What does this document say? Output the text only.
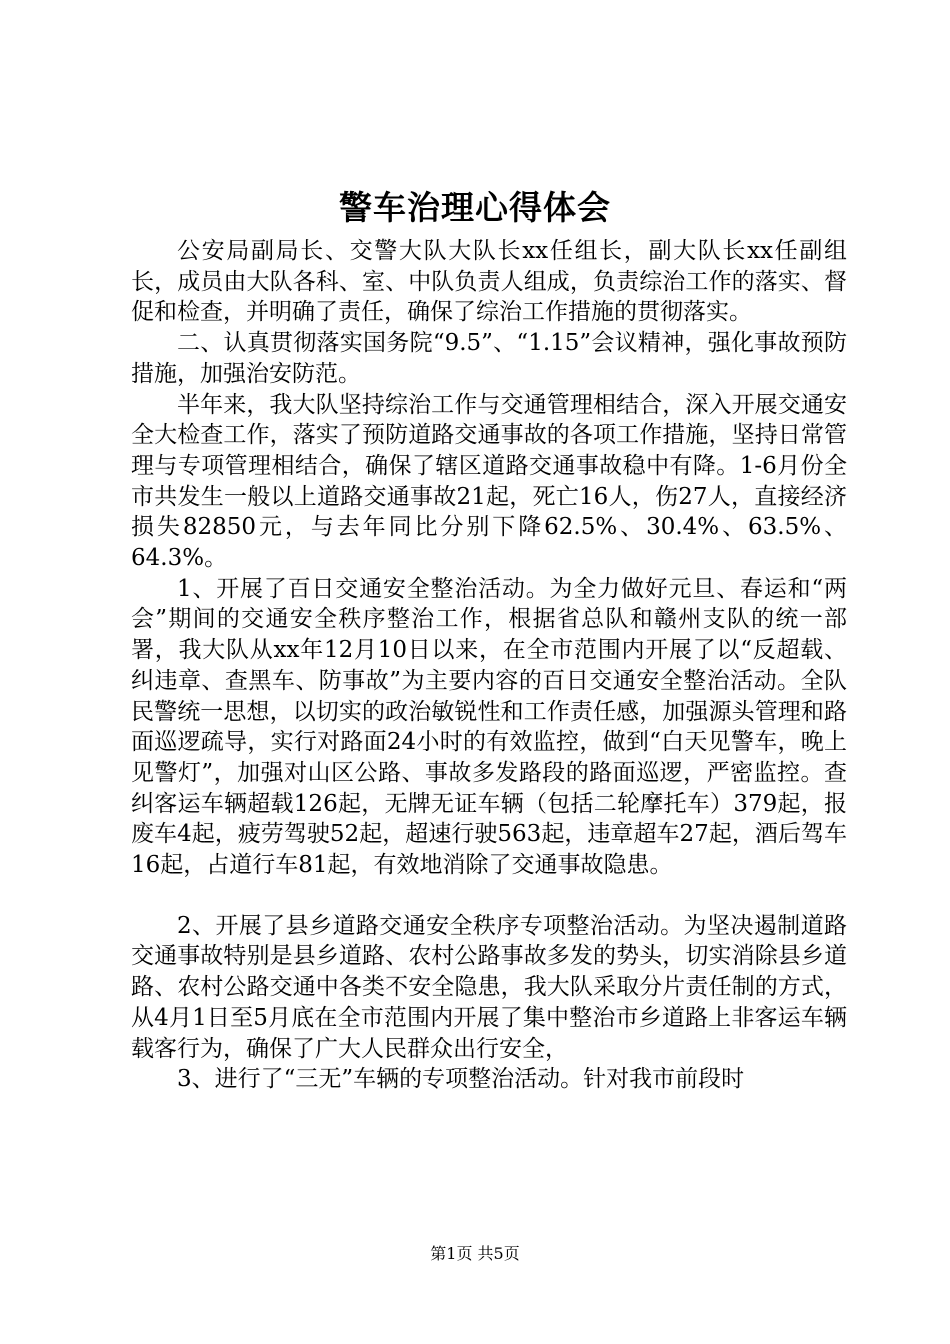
警车治理心得体会

公安局副局长、交警大队大队长xx任组长，副大队长xx任副组长，成员由大队各科、室、中队负责人组成，负责综治工作的落实、督促和检查，并明确了责任，确保了综治工作措施的贯彻落实。

二、认真贯彻落实国务院“9.5”、“1.15”会议精神，强化事故预防措施，加强治安防范。

半年来，我大队坚持综治工作与交通管理相结合，深入开展交通安全大检查工作，落实了预防道路交通事故的各项工作措施，坚持日常管理与专项管理相结合，确保了辖区道路交通事故稳中有降。1-6月份全市共发生一般以上道路交通事故21起，死亡16人，伤27人，直接经济损失82850元，与去年同比分别下降62.5%、30.4%、63.5%、64.3%。

1、开展了百日交通安全整治活动。为全力做好元旦、春运和“两会”期间的交通安全秩序整治工作，根据省总队和赣州支队的统一部署，我大队从xx年12月10日以来，在全市范围内开展了以“反超载、纠违章、查黑车、防事故”为主要内容的百日交通安全整治活动。全队民警统一思想，以切实的政治敏锐性和工作责任感，加强源头管理和路面巡逻疏导，实行对路面24小时的有效监控，做到“白天见警车，晚上见警灯”，加强对山区公路、事故多发路段的路面巡逻，严密监控。查纠客运车辆超载126起，无牌无证车辆（包括二轮摩托车）379起，报废车4起，疲劳驾驶52起，超速行驶563起，违章超车27起，酒后驾车16起，占道行车81起，有效地消除了交通事故隐患。

2、开展了县乡道路交通安全秩序专项整治活动。为坚决遏制道路交通事故特别是县乡道路、农村公路事故多发的势头，切实消除县乡道路、农村公路交通中各类不安全隐患，我大队采取分片责任制的方式，从4月1日至5月底在全市范围内开展了集中整治市乡道路上非客运车辆载客行为，确保了广大人民群众出行安全，

3、进行了“三无”车辆的专项整治活动。针对我市前段时

第1页 共5页
